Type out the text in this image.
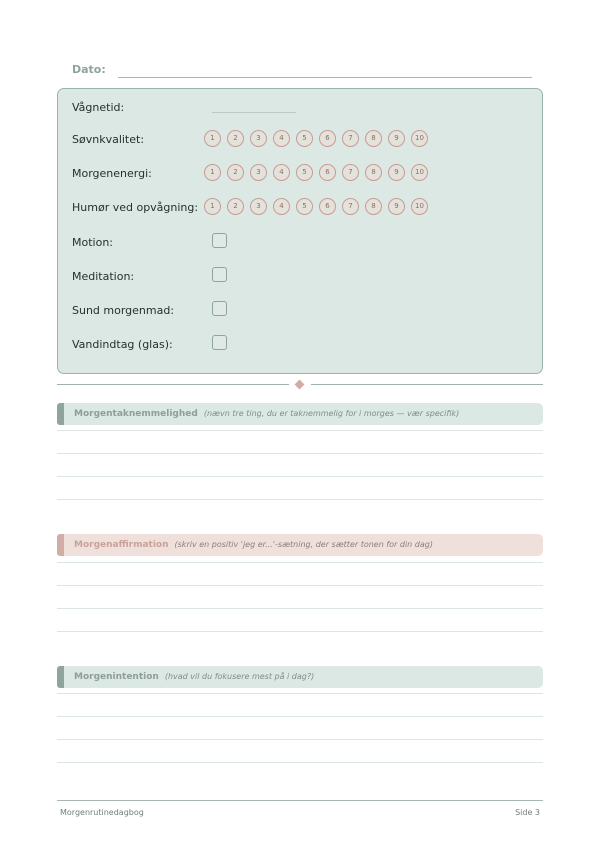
Dato:
Vågnetid:
Søvnkvalitet:	1	2	3	4	5	6	7	8	9	10
Morgenenergi:	1	2	3	4	5	6	7	8	9	10
Humør ved opvågning:	1	2	3	4	5	6	7	8	9	10
Motion:
Meditation:
Sund morgenmad:
Vandindtag (glas):
Morgentaknemmelighed (nævn tre ting, du er taknemmelig for i morges — vær specifik)
Morgenaffirmation (skriv en positiv 'jeg er...'-sætning, der sætter tonen for din dag)
Morgenintention (hvad vil du fokusere mest på i dag?)
Morgenrutinedagbog	Side 3
